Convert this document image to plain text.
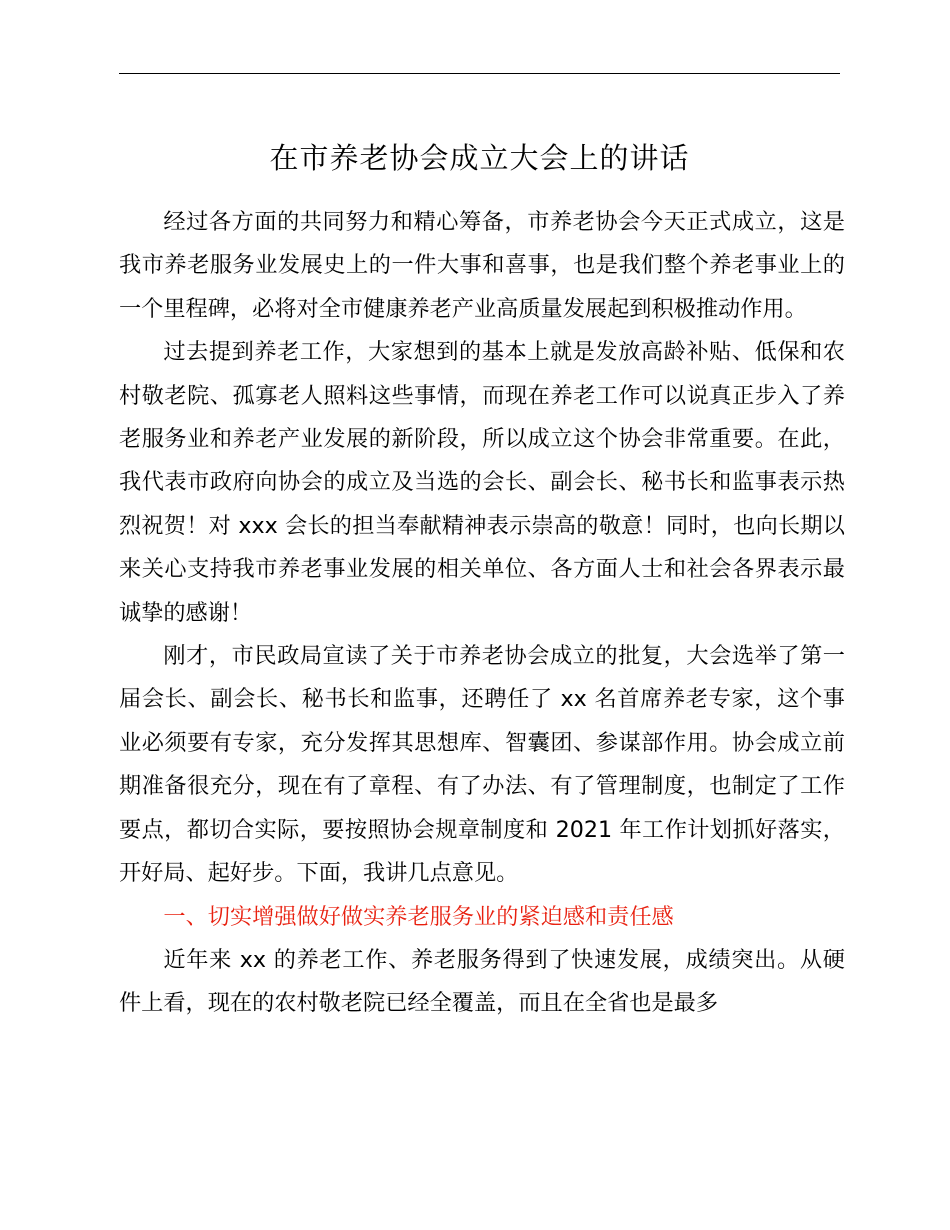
在市养老协会成立大会上的讲话

经过各方面的共同努力和精心筹备，市养老协会今天正式成立，这是我市养老服务业发展史上的一件大事和喜事，也是我们整个养老事业上的一个里程碑，必将对全市健康养老产业高质量发展起到积极推动作用。

过去提到养老工作，大家想到的基本上就是发放高龄补贴、低保和农村敬老院、孤寡老人照料这些事情，而现在养老工作可以说真正步入了养老服务业和养老产业发展的新阶段，所以成立这个协会非常重要。在此，我代表市政府向协会的成立及当选的会长、副会长、秘书长和监事表示热烈祝贺！对 xxx 会长的担当奉献精神表示崇高的敬意！同时，也向长期以来关心支持我市养老事业发展的相关单位、各方面人士和社会各界表示最诚挚的感谢！

刚才，市民政局宣读了关于市养老协会成立的批复，大会选举了第一届会长、副会长、秘书长和监事，还聘任了 xx 名首席养老专家，这个事业必须要有专家，充分发挥其思想库、智囊团、参谋部作用。协会成立前期准备很充分，现在有了章程、有了办法、有了管理制度，也制定了工作要点，都切合实际，要按照协会规章制度和 2021 年工作计划抓好落实，开好局、起好步。下面，我讲几点意见。

一、切实增强做好做实养老服务业的紧迫感和责任感

近年来 xx 的养老工作、养老服务得到了快速发展，成绩突出。从硬件上看，现在的农村敬老院已经全覆盖，而且在全省也是最多
